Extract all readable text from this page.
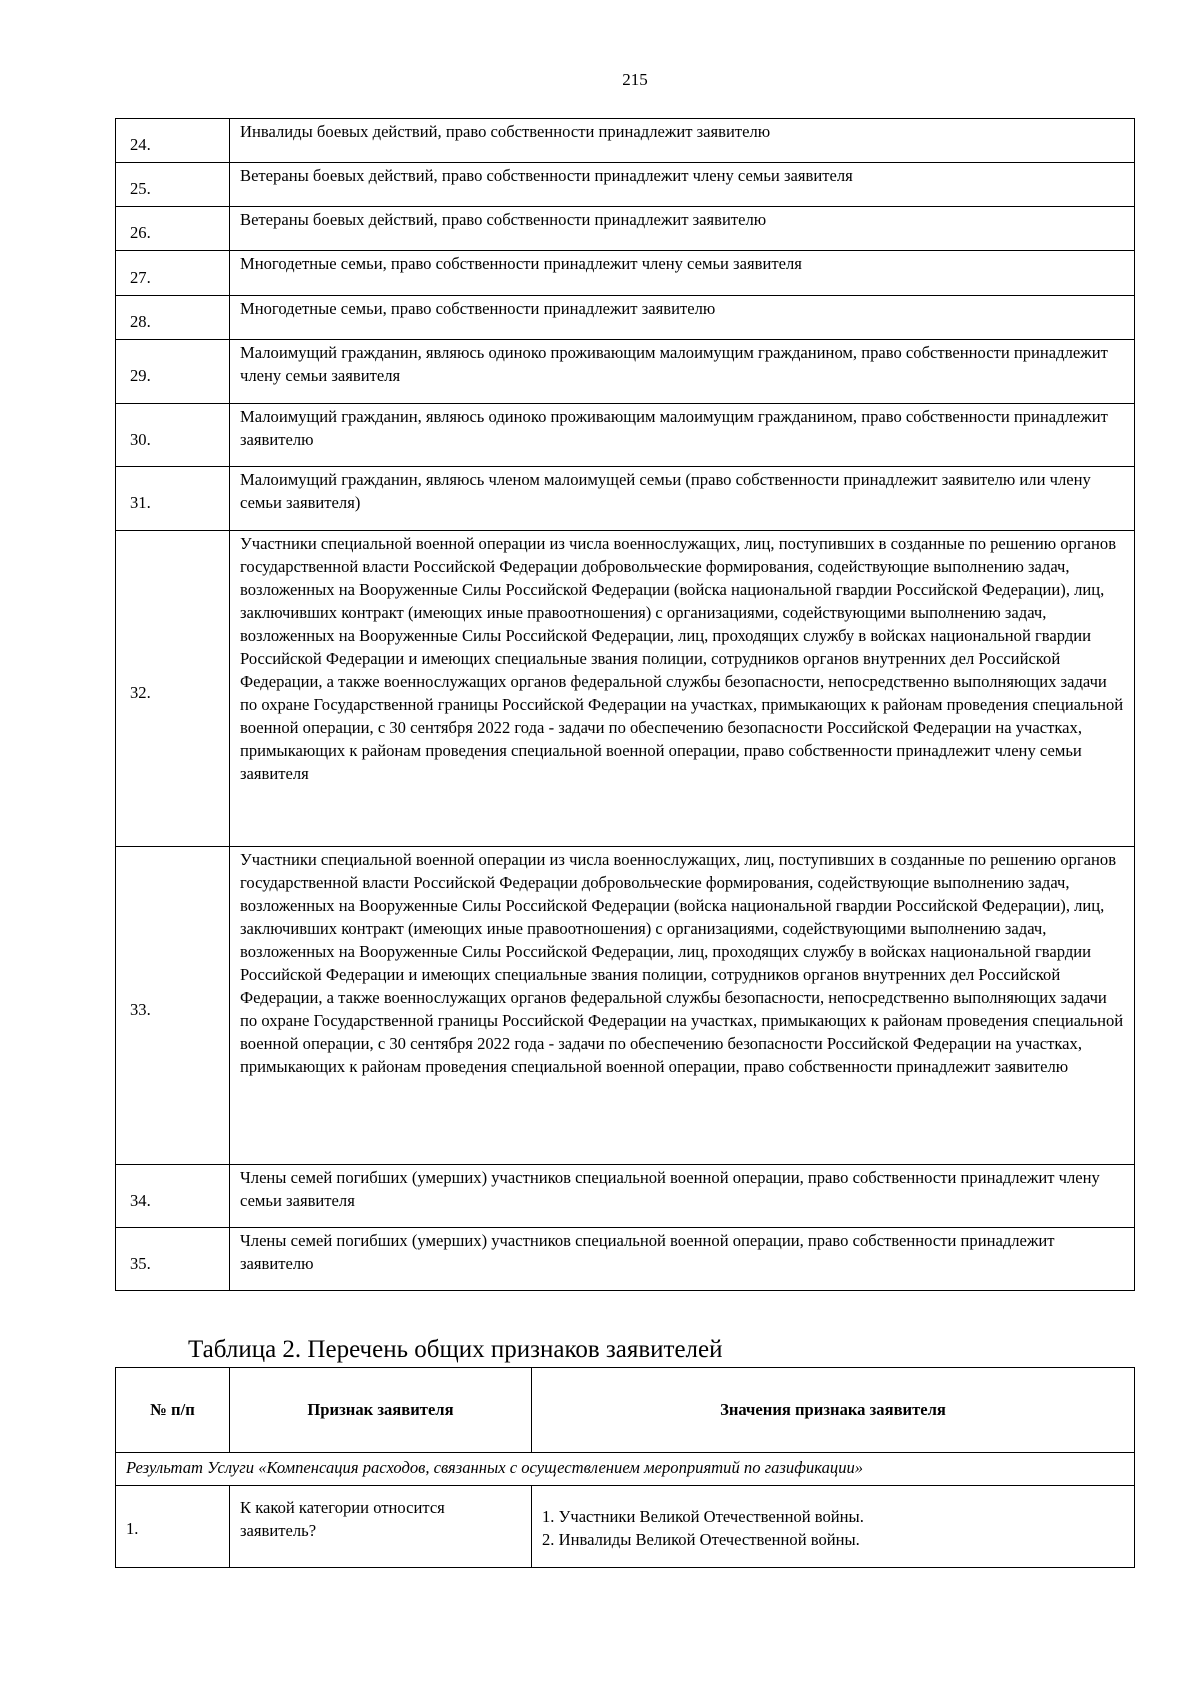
215
24.	Инвалиды боевых действий, право собственности принадлежит заявителю
25.	Ветераны боевых действий, право собственности принадлежит члену семьи заявителя
26.	Ветераны боевых действий, право собственности принадлежит заявителю
27.	Многодетные семьи, право собственности принадлежит члену семьи заявителя
28.	Многодетные семьи, право собственности принадлежит заявителю
29.	Малоимущий гражданин, являюсь одиноко проживающим малоимущим гражданином, право собственности принадлежит члену семьи заявителя
30.	Малоимущий гражданин, являюсь одиноко проживающим малоимущим гражданином, право собственности принадлежит заявителю
31.	Малоимущий гражданин, являюсь членом малоимущей семьи (право собственности принадлежит заявителю или члену семьи заявителя)
32.	Участники специальной военной операции из числа военнослужащих, лиц, поступивших в созданные по решению органов государственной власти Российской Федерации добровольческие формирования, содействующие выполнению задач, возложенных на Вооруженные Силы Российской Федерации (войска национальной гвардии Российской Федерации), лиц, заключивших контракт (имеющих иные правоотношения) с организациями, содействующими выполнению задач, возложенных на Вооруженные Силы Российской Федерации, лиц, проходящих службу в войсках национальной гвардии Российской Федерации и имеющих специальные звания полиции, сотрудников органов внутренних дел Российской Федерации, а также военнослужащих органов федеральной службы безопасности, непосредственно выполняющих задачи по охране Государственной границы Российской Федерации на участках, примыкающих к районам проведения специальной военной операции, с 30 сентября 2022 года - задачи по обеспечению безопасности Российской Федерации на участках, примыкающих к районам проведения специальной военной операции, право собственности принадлежит члену семьи заявителя
33.	Участники специальной военной операции из числа военнослужащих, лиц, поступивших в созданные по решению органов государственной власти Российской Федерации добровольческие формирования, содействующие выполнению задач, возложенных на Вооруженные Силы Российской Федерации (войска национальной гвардии Российской Федерации), лиц, заключивших контракт (имеющих иные правоотношения) с организациями, содействующими выполнению задач, возложенных на Вооруженные Силы Российской Федерации, лиц, проходящих службу в войсках национальной гвардии Российской Федерации и имеющих специальные звания полиции, сотрудников органов внутренних дел Российской Федерации, а также военнослужащих органов федеральной службы безопасности, непосредственно выполняющих задачи по охране Государственной границы Российской Федерации на участках, примыкающих к районам проведения специальной военной операции, с 30 сентября 2022 года - задачи по обеспечению безопасности Российской Федерации на участках, примыкающих к районам проведения специальной военной операции, право собственности принадлежит заявителю
34.	Члены семей погибших (умерших) участников специальной военной операции, право собственности принадлежит члену семьи заявителя
35.	Члены семей погибших (умерших) участников специальной военной операции, право собственности принадлежит заявителю
Таблица 2. Перечень общих признаков заявителей
№ п/п	Признак заявителя	Значения признака заявителя
Результат Услуги «Компенсация расходов, связанных с осуществлением мероприятий по газификации»		
1.	К какой категории относится заявитель?	1. Участники Великой Отечественной войны.
2. Инвалиды Великой Отечественной войны.
